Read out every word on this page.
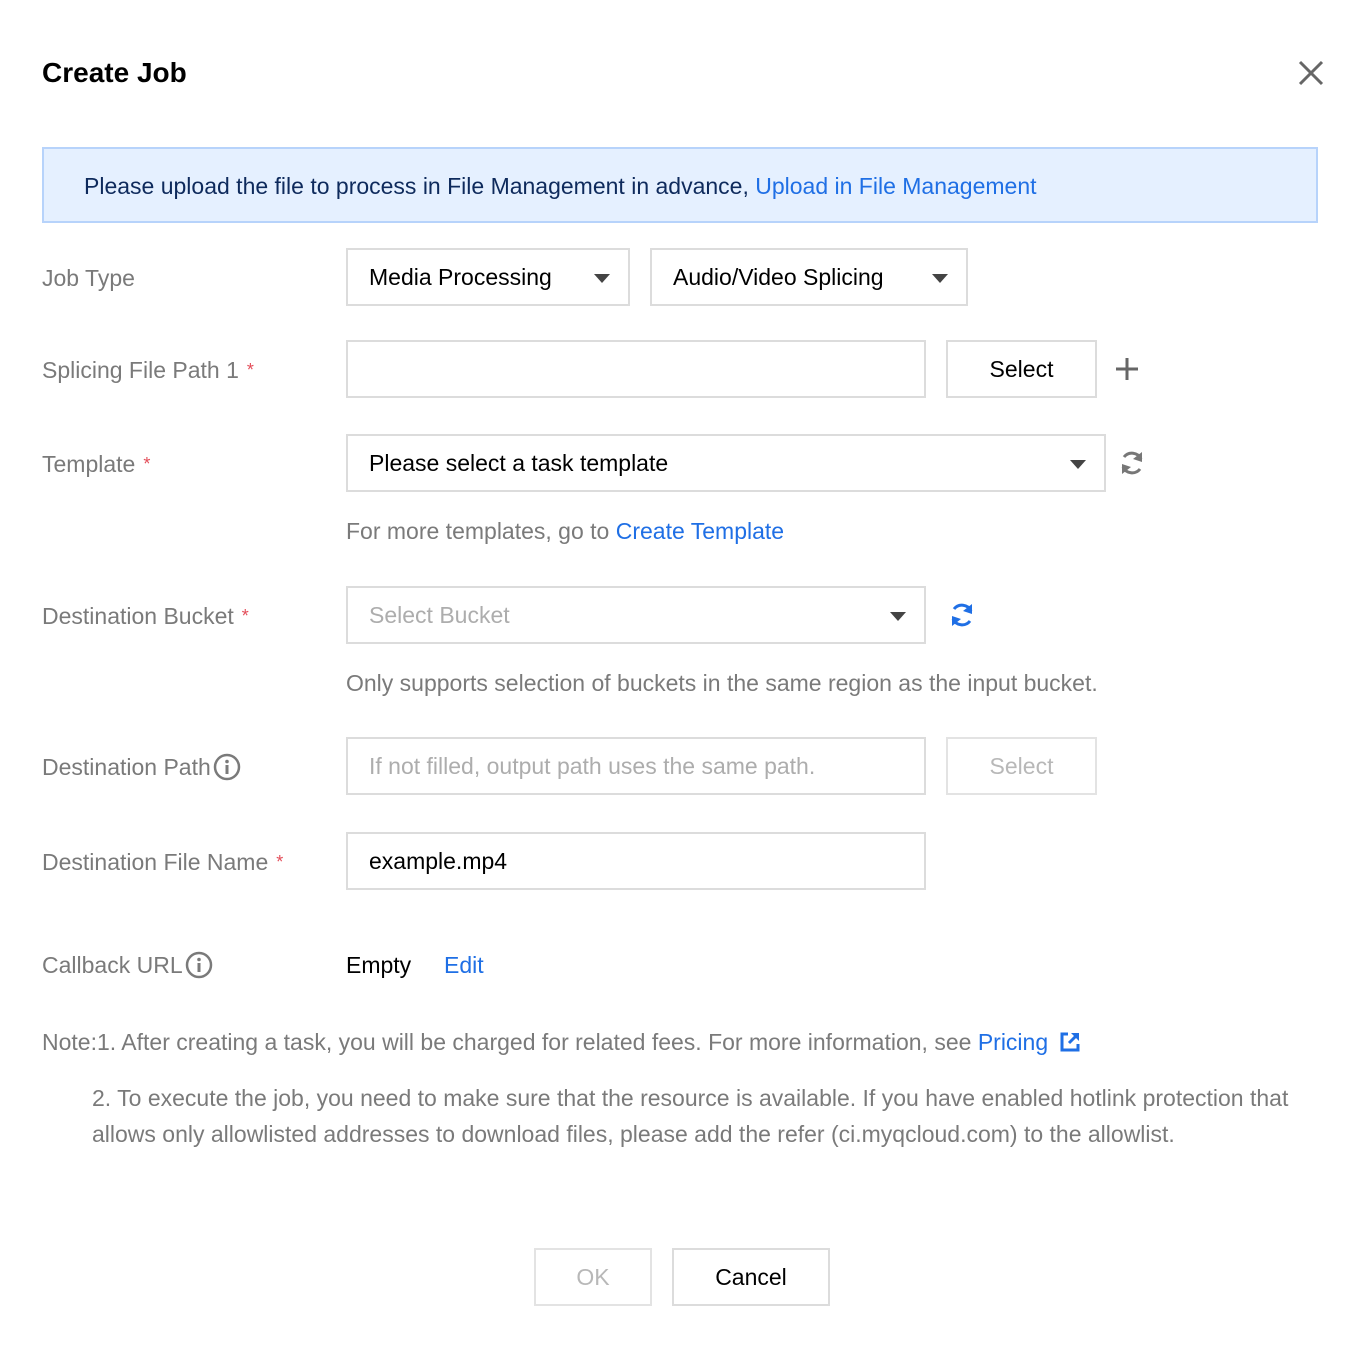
Create Job
Please upload the file to process in File Management in advance, Upload in File Management
Job Type	Media Processing	Audio/Video Splicing
Splicing File Path 1 *	Select
Template *	Please select a task template
For more templates, go to Create Template
Destination Bucket *	Select Bucket
Only supports selection of buckets in the same region as the input bucket.
Destination Path	If not filled, output path uses the same path.	Select
Destination File Name *	example.mp4
Callback URL	Empty Edit
Note:1. After creating a task, you will be charged for related fees. For more information, see Pricing
2. To execute the job, you need to make sure that the resource is available. If you have enabled hotlink protection that allows only allowlisted addresses to download files, please add the refer (ci.myqcloud.com) to the allowlist.
OK	Cancel
